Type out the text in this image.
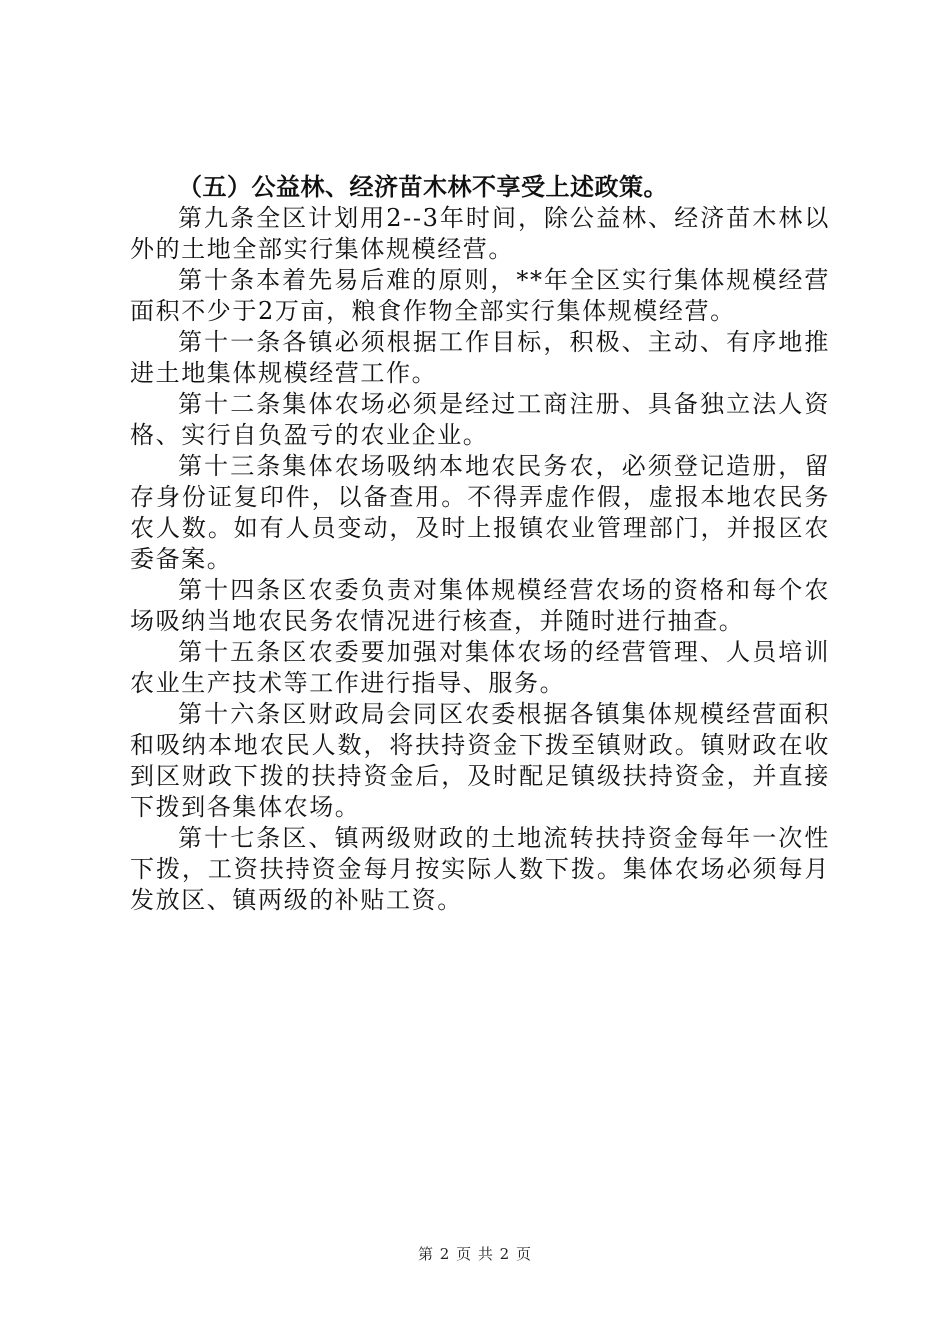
（五）公益林、经济苗木林不享受上述政策。

第九条全区计划用2--3年时间，除公益林、经济苗木林以外的土地全部实行集体规模经营。

第十条本着先易后难的原则，**年全区实行集体规模经营面积不少于2万亩，粮食作物全部实行集体规模经营。

第十一条各镇必须根据工作目标，积极、主动、有序地推进土地集体规模经营工作。

第十二条集体农场必须是经过工商注册、具备独立法人资格、实行自负盈亏的农业企业。

第十三条集体农场吸纳本地农民务农，必须登记造册，留存身份证复印件，以备查用。不得弄虚作假，虚报本地农民务农人数。如有人员变动，及时上报镇农业管理部门，并报区农委备案。

第十四条区农委负责对集体规模经营农场的资格和每个农场吸纳当地农民务农情况进行核查，并随时进行抽查。

第十五条区农委要加强对集体农场的经营管理、人员培训农业生产技术等工作进行指导、服务。

第十六条区财政局会同区农委根据各镇集体规模经营面积和吸纳本地农民人数，将扶持资金下拨至镇财政。镇财政在收到区财政下拨的扶持资金后，及时配足镇级扶持资金，并直接下拨到各集体农场。

第十七条区、镇两级财政的土地流转扶持资金每年一次性下拨，工资扶持资金每月按实际人数下拨。集体农场必须每月发放区、镇两级的补贴工资。

第 2 页 共 2 页
